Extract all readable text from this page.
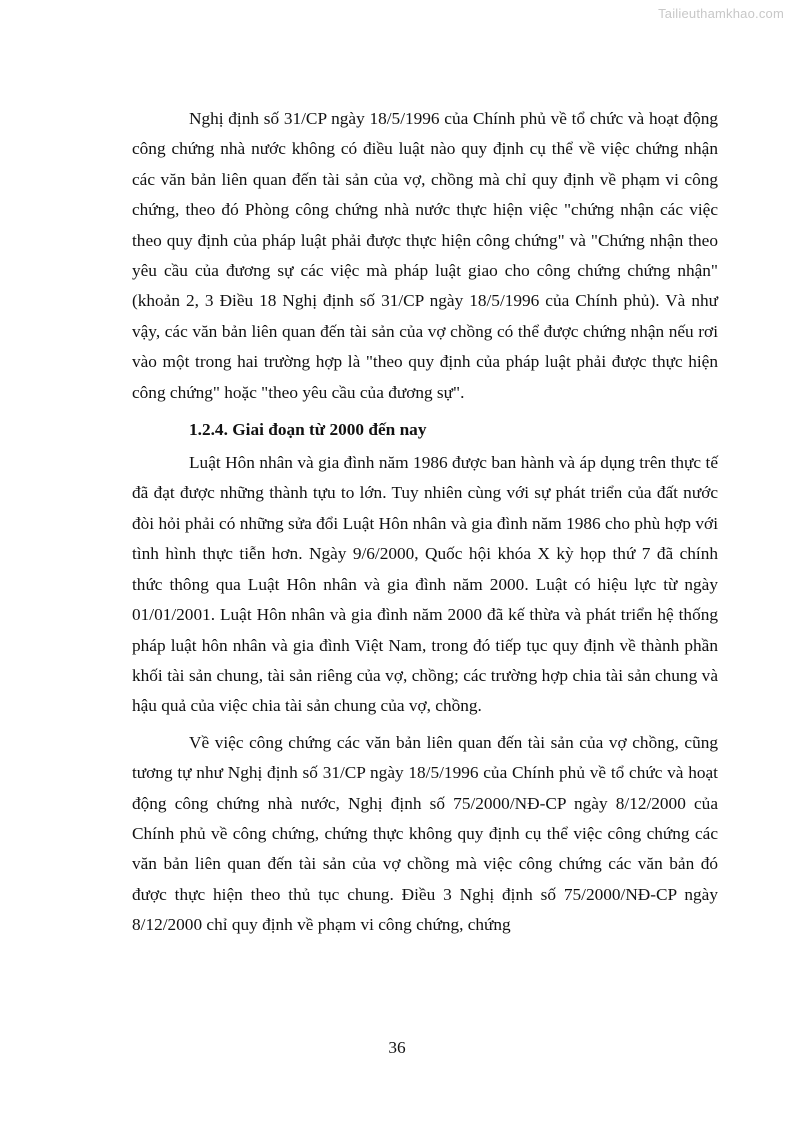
Tailieuthamkhao.com

Nghị định số 31/CP ngày 18/5/1996 của Chính phủ về tổ chức và hoạt động công chứng nhà nước không có điều luật nào quy định cụ thể về việc chứng nhận các văn bản liên quan đến tài sản của vợ, chồng mà chỉ quy định về phạm vi công chứng, theo đó Phòng công chứng nhà nước thực hiện việc "chứng nhận các việc theo quy định của pháp luật phải được thực hiện công chứng" và "Chứng nhận theo yêu cầu của đương sự các việc mà pháp luật giao cho công chứng chứng nhận" (khoản 2, 3 Điều 18 Nghị định số 31/CP ngày 18/5/1996 của Chính phủ). Và như vậy, các văn bản liên quan đến tài sản của vợ chồng có thể được chứng nhận nếu rơi vào một trong hai trường hợp là "theo quy định của pháp luật phải được thực hiện công chứng" hoặc "theo yêu cầu của đương sự".

1.2.4. Giai đoạn từ 2000 đến nay

Luật Hôn nhân và gia đình năm 1986 được ban hành và áp dụng trên thực tế đã đạt được những thành tựu to lớn. Tuy nhiên cùng với sự phát triển của đất nước đòi hỏi phải có những sửa đổi Luật Hôn nhân và gia đình năm 1986 cho phù hợp với tình hình thực tiễn hơn. Ngày 9/6/2000, Quốc hội khóa X kỳ họp thứ 7 đã chính thức thông qua Luật Hôn nhân và gia đình năm 2000. Luật có hiệu lực từ ngày 01/01/2001. Luật Hôn nhân và gia đình năm 2000 đã kế thừa và phát triển hệ thống pháp luật hôn nhân và gia đình Việt Nam, trong đó tiếp tục quy định về thành phần khối tài sản chung, tài sản riêng của vợ, chồng; các trường hợp chia tài sản chung và hậu quả của việc chia tài sản chung của vợ, chồng.

Về việc công chứng các văn bản liên quan đến tài sản của vợ chồng, cũng tương tự như Nghị định số 31/CP ngày 18/5/1996 của Chính phủ về tổ chức và hoạt động công chứng nhà nước, Nghị định số 75/2000/NĐ-CP ngày 8/12/2000 của Chính phủ về công chứng, chứng thực không quy định cụ thể việc công chứng các văn bản liên quan đến tài sản của vợ chồng mà việc công chứng các văn bản đó được thực hiện theo thủ tục chung. Điều 3 Nghị định số 75/2000/NĐ-CP ngày 8/12/2000 chỉ quy định về phạm vi công chứng, chứng

36
